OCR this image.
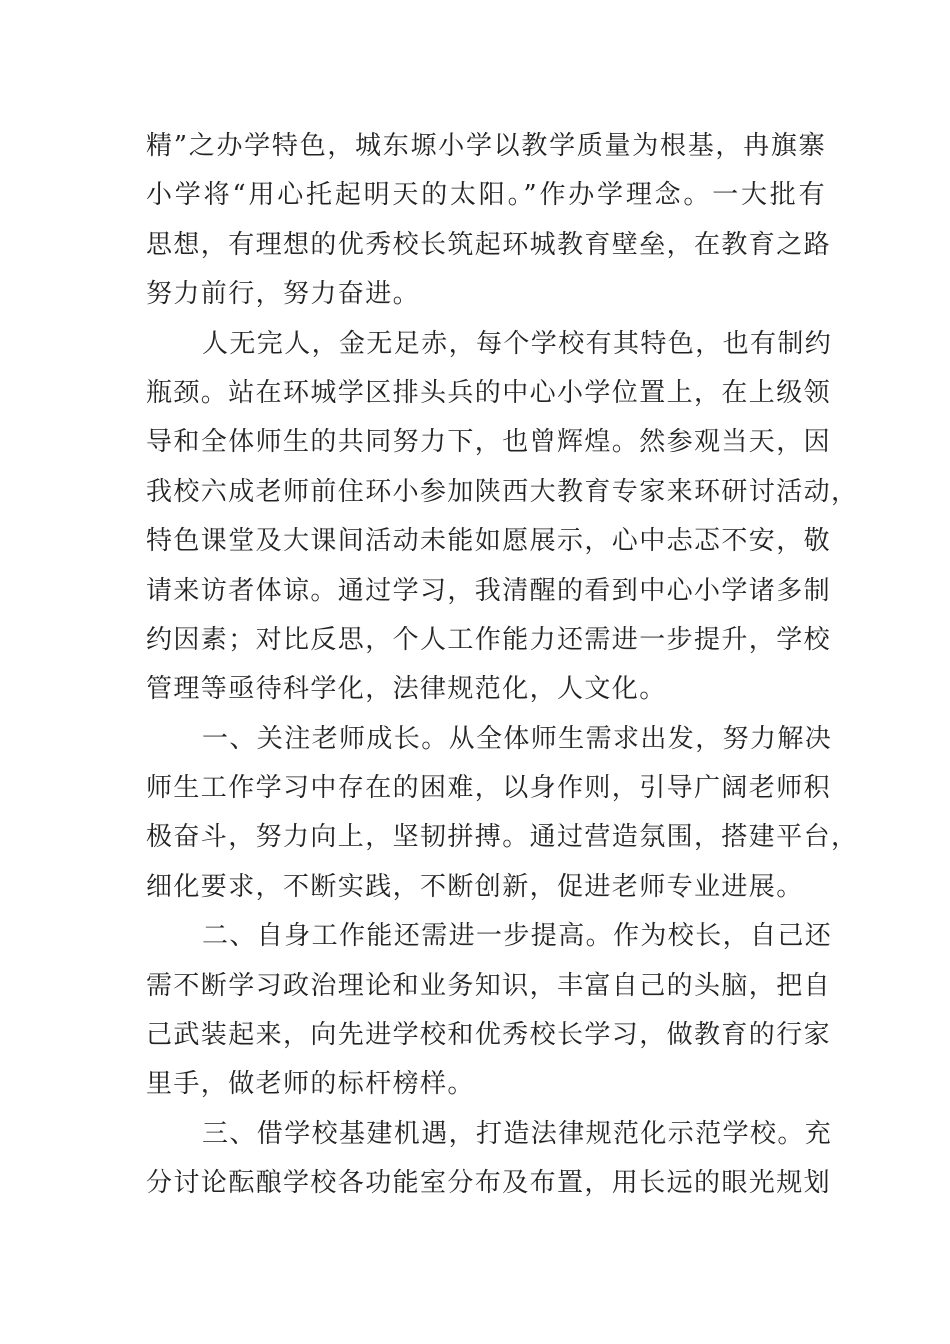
精”之办学特色，城东塬小学以教学质量为根基，冉旗寨
小学将“用心托起明天的太阳。”作办学理念。一大批有
思想，有理想的优秀校长筑起环城教育壁垒，在教育之路
努力前行，努力奋进。
人无完人，金无足赤，每个学校有其特色，也有制约
瓶颈。站在环城学区排头兵的中心小学位置上，在上级领
导和全体师生的共同努力下，也曾辉煌。然参观当天，因
我校六成老师前住环小参加陕西大教育专家来环研讨活动，
特色课堂及大课间活动未能如愿展示，心中忐忑不安，敬
请来访者体谅。通过学习，我清醒的看到中心小学诸多制
约因素；对比反思，个人工作能力还需进一步提升，学校
管理等亟待科学化，法律规范化，人文化。
一、关注老师成长。从全体师生需求出发，努力解决
师生工作学习中存在的困难，以身作则，引导广阔老师积
极奋斗，努力向上，坚韧拼搏。通过营造氛围，搭建平台，
细化要求，不断实践，不断创新，促进老师专业进展。
二、自身工作能还需进一步提高。作为校长，自己还
需不断学习政治理论和业务知识，丰富自己的头脑，把自
己武装起来，向先进学校和优秀校长学习，做教育的行家
里手，做老师的标杆榜样。
三、借学校基建机遇，打造法律规范化示范学校。充
分讨论酝酿学校各功能室分布及布置，用长远的眼光规划
